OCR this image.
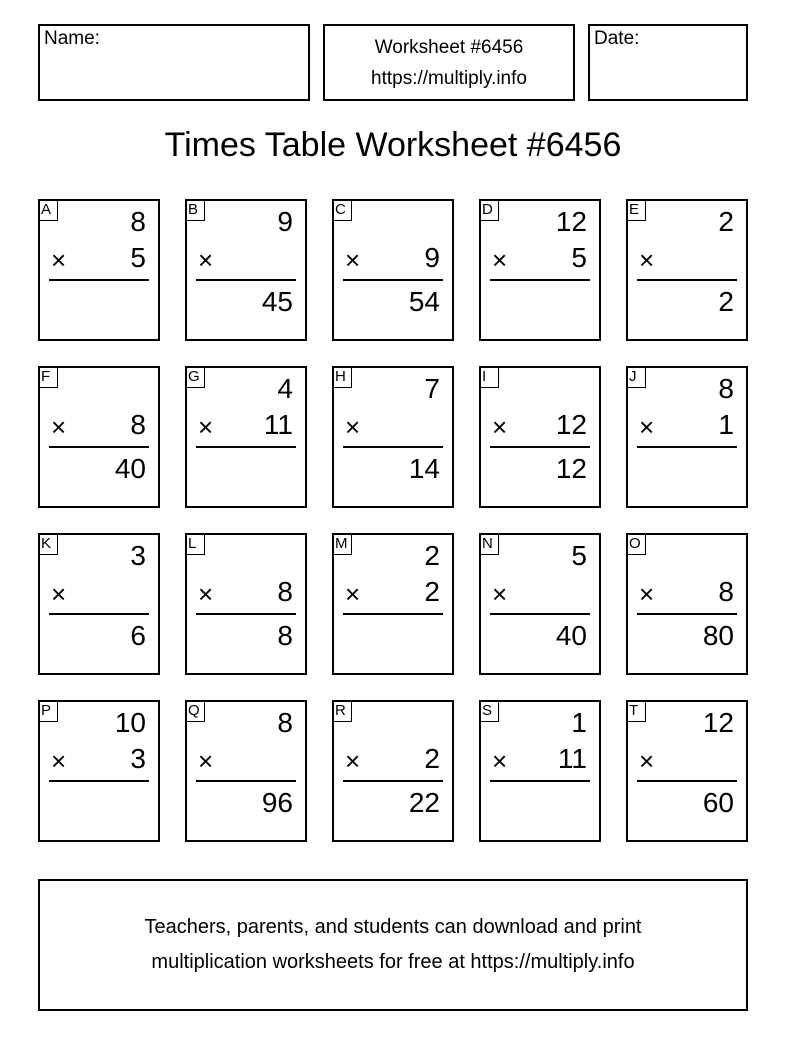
Name:	Worksheet #6456
https://multiply.info
Date:
Times Table Worksheet #6456
A	8
× 5
B	9
×
45
C
× 9
54
D 12
× 5
E	2
×
2
F
× 8
40
G	4
× 11
H	7
×
14
I
× 12
12
J	8
× 1
K	3
×
6
L
× 8
8
M	2
× 2
N	5
×
40
O
× 8
80
P 10
× 3
Q	8
×
96
R
× 2
22
S	1
× 11
T 12
×
60
Teachers, parents, and students can download and print
multiplication worksheets for free at https://multiply.info
